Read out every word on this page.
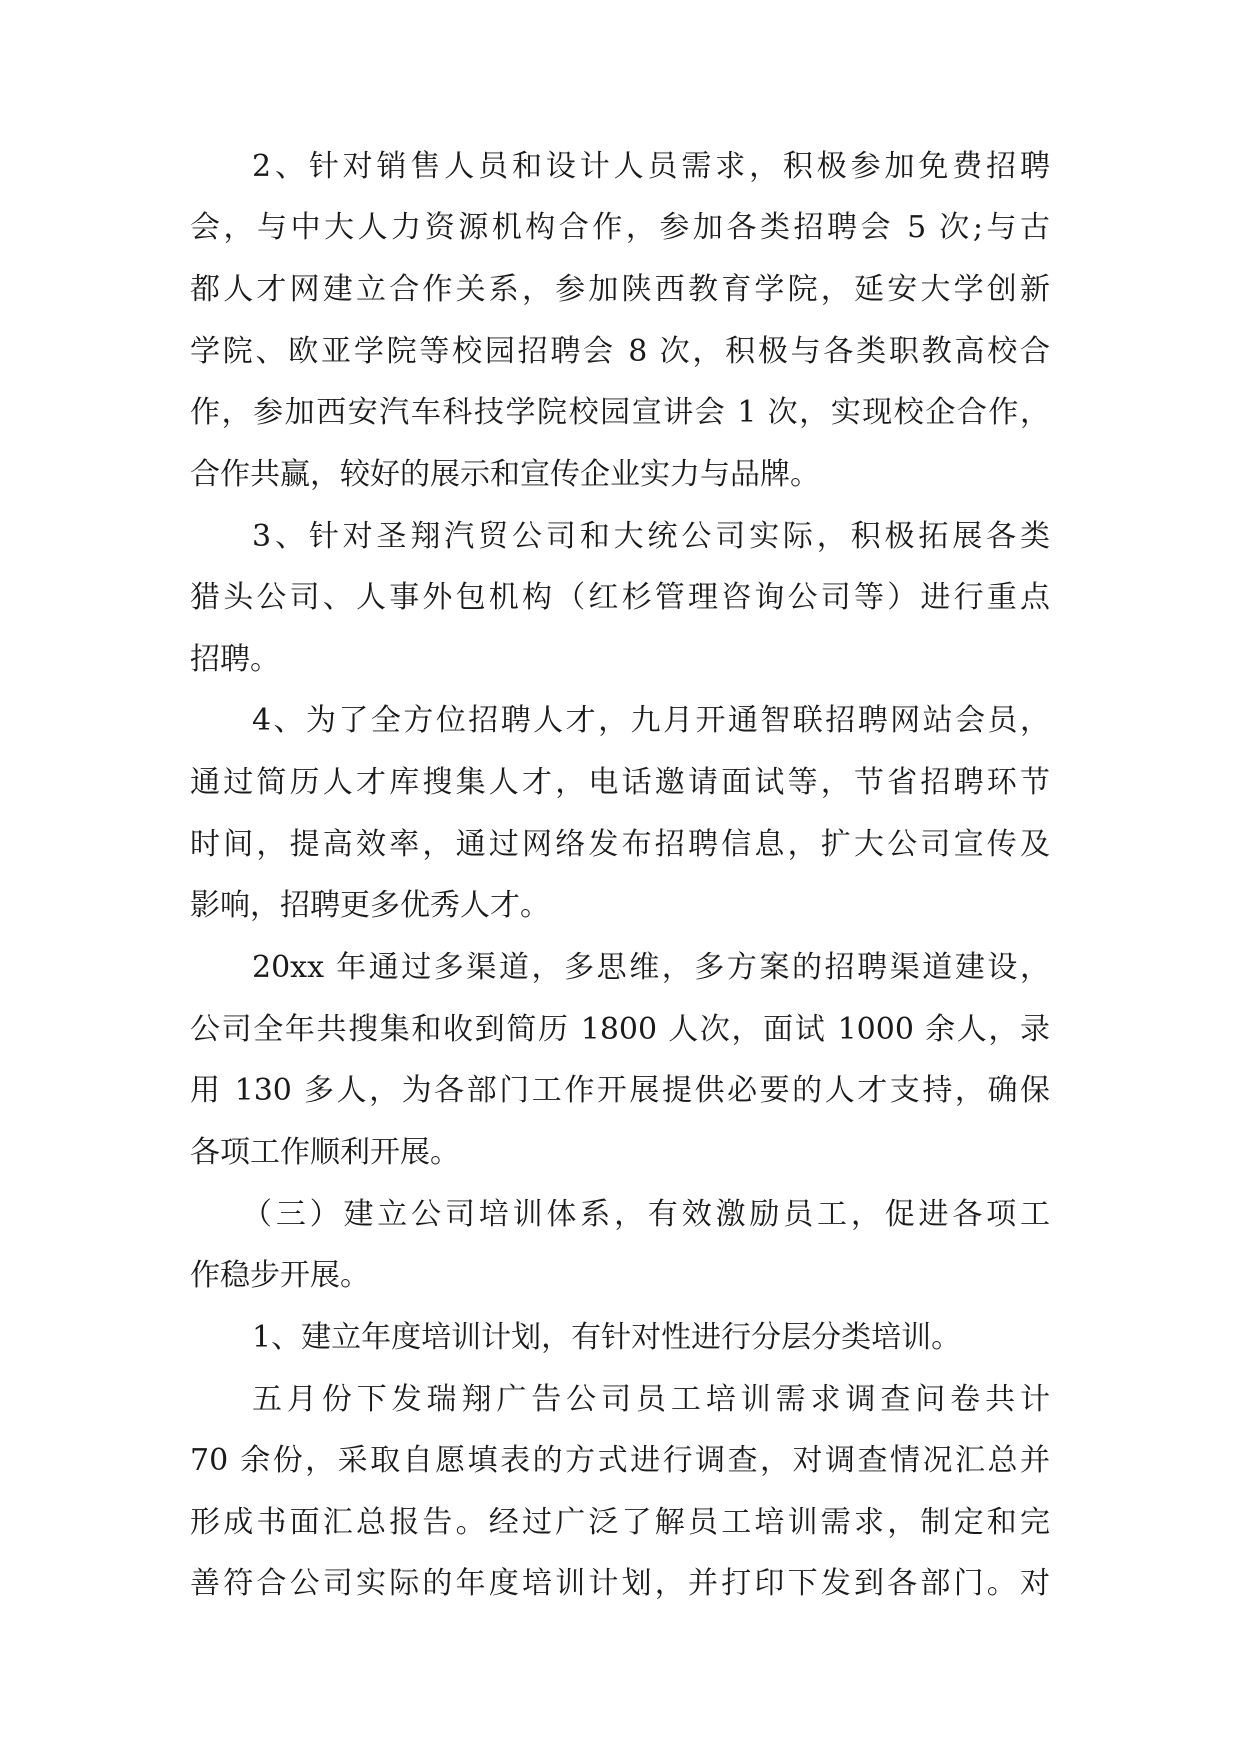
2、针对销售人员和设计人员需求，积极参加免费招聘
会，与中大人力资源机构合作，参加各类招聘会 5 次;与古
都人才网建立合作关系，参加陕西教育学院，延安大学创新
学院、欧亚学院等校园招聘会 8 次，积极与各类职教高校合
作，参加西安汽车科技学院校园宣讲会 1 次，实现校企合作，
合作共赢，较好的展示和宣传企业实力与品牌。
3、针对圣翔汽贸公司和大统公司实际，积极拓展各类
猎头公司、人事外包机构（红杉管理咨询公司等）进行重点
招聘。
4、为了全方位招聘人才，九月开通智联招聘网站会员，
通过简历人才库搜集人才，电话邀请面试等，节省招聘环节
时间，提高效率，通过网络发布招聘信息，扩大公司宣传及
影响，招聘更多优秀人才。
20xx 年通过多渠道，多思维，多方案的招聘渠道建设，
公司全年共搜集和收到简历 1800 人次，面试 1000 余人，录
用 130 多人，为各部门工作开展提供必要的人才支持，确保
各项工作顺利开展。
（三）建立公司培训体系，有效激励员工，促进各项工
作稳步开展。
1、建立年度培训计划，有针对性进行分层分类培训。
五月份下发瑞翔广告公司员工培训需求调查问卷共计
70 余份，采取自愿填表的方式进行调查，对调查情况汇总并
形成书面汇总报告。经过广泛了解员工培训需求，制定和完
善符合公司实际的年度培训计划，并打印下发到各部门。对
